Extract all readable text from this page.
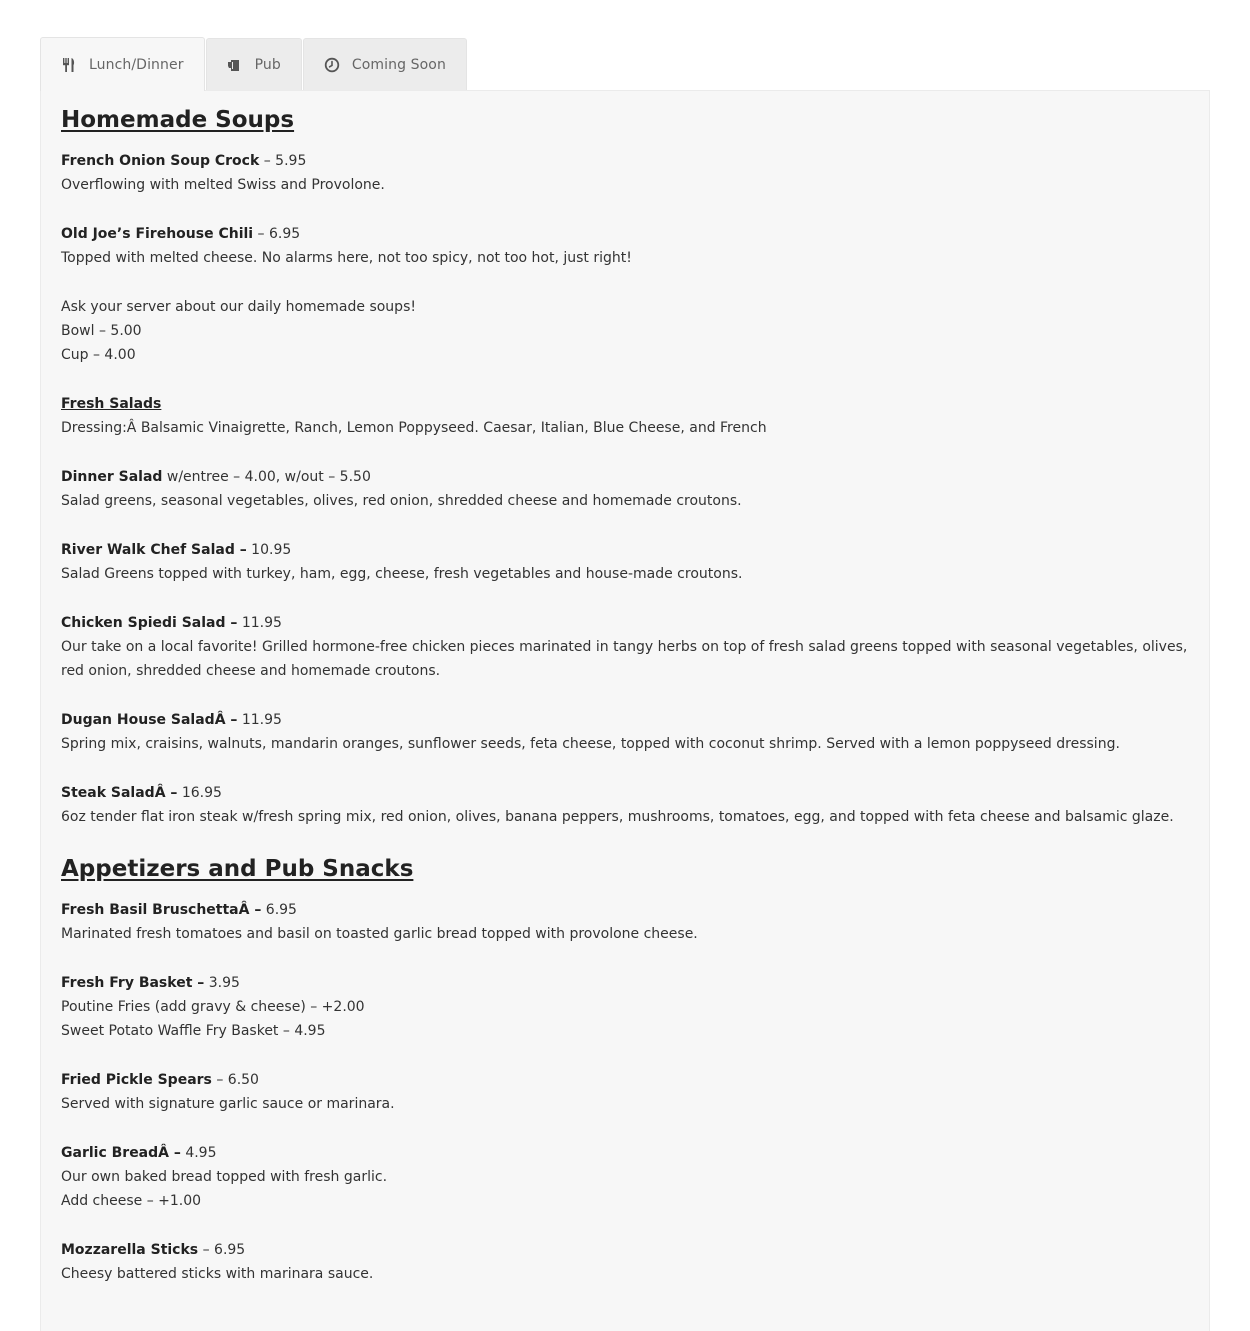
Lunch/Dinner	Pub	Coming Soon
Homemade Soups
French Onion Soup Crock – 5.95
Overflowing with melted Swiss and Provolone.
Old Joe’s Firehouse Chili – 6.95
Topped with melted cheese. No alarms here, not too spicy, not too hot, just right!
Ask your server about our daily homemade soups!
Bowl – 5.00
Cup – 4.00
Fresh Salads
Dressing:Â Balsamic Vinaigrette, Ranch, Lemon Poppyseed. Caesar, Italian, Blue Cheese, and French
Dinner Salad w/entree – 4.00, w/out – 5.50
Salad greens, seasonal vegetables, olives, red onion, shredded cheese and homemade croutons.
River Walk Chef Salad – 10.95
Salad Greens topped with turkey, ham, egg, cheese, fresh vegetables and house-made croutons.
Chicken Spiedi Salad – 11.95
Our take on a local favorite! Grilled hormone-free chicken pieces marinated in tangy herbs on top of fresh salad greens topped with seasonal vegetables, olives, red onion, shredded cheese and homemade croutons.
Dugan House SaladÂ – 11.95
Spring mix, craisins, walnuts, mandarin oranges, sunflower seeds, feta cheese, topped with coconut shrimp. Served with a lemon poppyseed dressing.
Steak SaladÂ – 16.95
6oz tender flat iron steak w/fresh spring mix, red onion, olives, banana peppers, mushrooms, tomatoes, egg, and topped with feta cheese and balsamic glaze.
Appetizers and Pub Snacks
Fresh Basil BruschettaÂ – 6.95
Marinated fresh tomatoes and basil on toasted garlic bread topped with provolone cheese.
Fresh Fry Basket – 3.95
Poutine Fries (add gravy & cheese) – +2.00
Sweet Potato Waffle Fry Basket – 4.95
Fried Pickle Spears – 6.50
Served with signature garlic sauce or marinara.
Garlic BreadÂ – 4.95
Our own baked bread topped with fresh garlic.
Add cheese – +1.00
Mozzarella Sticks – 6.95
Cheesy battered sticks with marinara sauce.
